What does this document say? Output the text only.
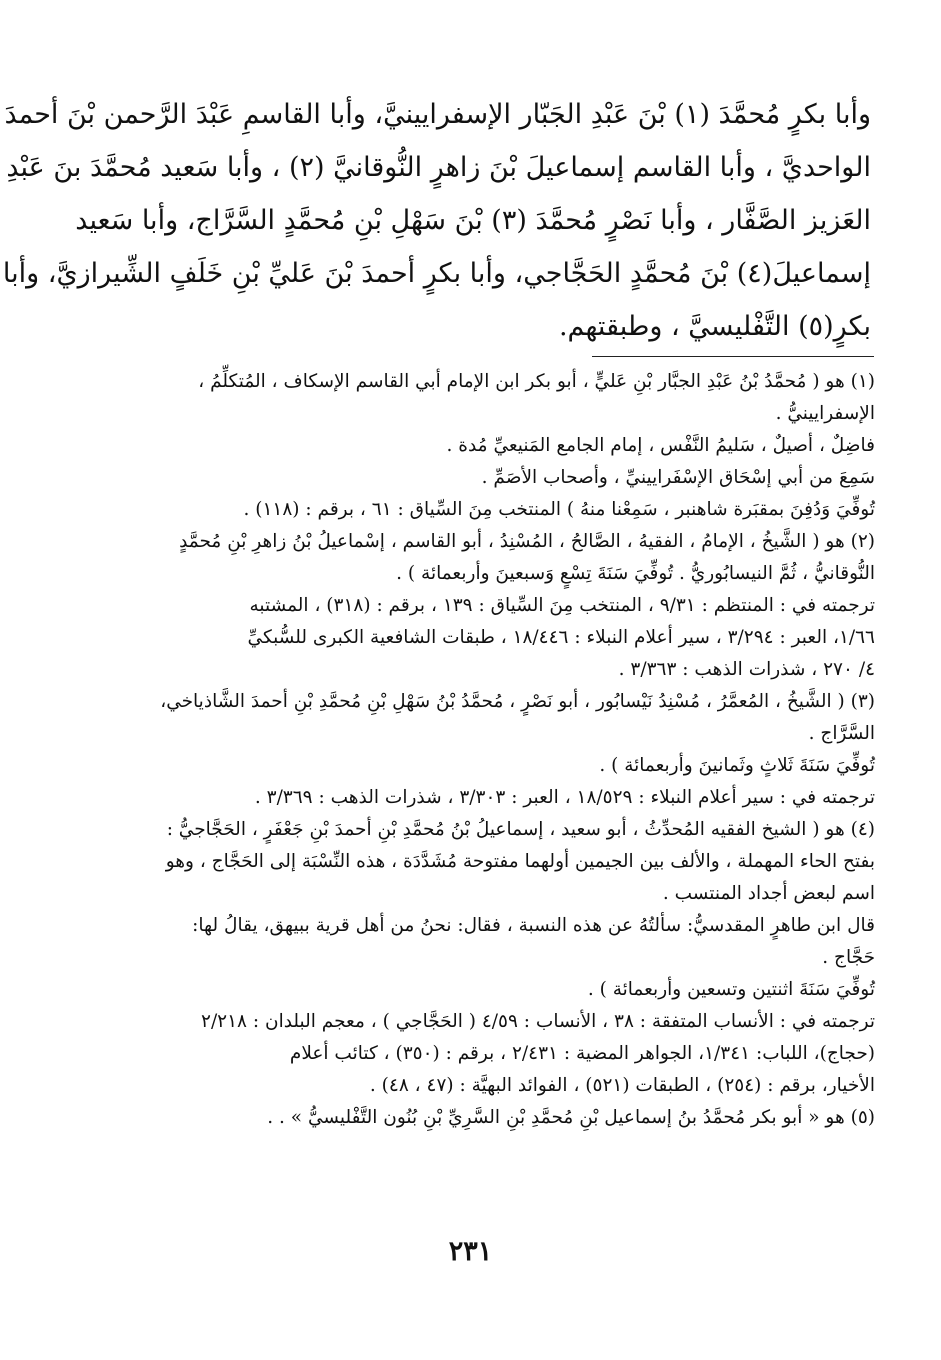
وأبا بكرٍ مُحمَّدَ (١) بْنَ عَبْدِ الجَبّار الإسفرايينيَّ، وأبا القاسمِ عَبْدَ الرَّحمن بْنَ أحمدَ
الواحديَّ ، وأبا القاسم إسماعيلَ بْنَ زاهرٍ النُّوقانيَّ (٢) ، وأبا سَعيد مُحمَّدَ بنَ عَبْدِ
العَزيز الصَّفَّار ، وأبا نَصْرٍ مُحمَّدَ (٣) بْنَ سَهْلِ بْنِ مُحمَّدٍ السَّرَّاج، وأبا سَعيد
إسماعيلَ(٤) بْنَ مُحمَّدٍ الحَجَّاجي، وأبا بكرٍ أحمدَ بْنَ عَليِّ بْنِ خَلَفٍ الشِّيرازيَّ، وأبا
بكرٍ(٥) التَّفْليسيَّ ، وطبقتهم.
(١) هو ( مُحمَّدُ بْنُ عَبْدِ الجبَّار بْنِ عَليٍّ ، أبو بكر ابن الإمام أبي القاسم الإسكاف ، المُتكلِّمُ ،
الإسفرايينيُّ .
فاضِلٌ ، أصيلٌ ، سَليمُ النَّفْس ، إمام الجامع المَنيعيِّ مُدة .
سَمِعَ من أبي إسْحَاق الإسْفَرايينيِّ ، وأصحاب الأصَمِّ .
تُوفِّيَ وَدُفِنَ بمقبَرة شاهنبر ، سَمِعْنا منهُ ) المنتخب مِنَ السِّياق : ٦١ ، برقم : (١١٨) .
(٢) هو ( الشَّيخُ ، الإمامُ ، الفقيهُ ، الصَّالحُ ، المُسْنِدُ ، أبو القاسم ، إسْماعيلُ بْنُ زاهرِ بْنِ مُحمَّدٍ
النُّوقانيُّ ، ثُمَّ النيسابُوريُّ . تُوفِّيَ سَنَةَ تِسْعٍ وَسبعينَ وأربعمائة ) .
ترجمته في : المنتظم : ٩/٣١ ، المنتخب مِنَ السِّياق : ١٣٩ ، برقم : (٣١٨) ، المشتبه
١/٦٦، العبر : ٣/٢٩٤ ، سير أعلام النبلاء : ١٨/٤٤٦ ، طبقات الشافعية الكبرى للسُّبكيِّ
٤/ ٢٧٠ ، شذرات الذهب : ٣/٣٦٣ .
(٣) ( الشَّيخُ ، المُعمَّرُ ، مُسْنِدُ نَيْسابُور ، أبو نَصْرٍ ، مُحمَّدُ بْنُ سَهْلِ بْنِ مُحمَّدِ بْنِ أحمدَ الشَّاذياخي،
السَّرَّاج .
تُوفِّيَ سَنَةَ ثَلاثٍ وثَمانينَ وأربعمائة ) .
ترجمته في : سير أعلام النبلاء : ١٨/٥٢٩ ، العبر : ٣/٣٠٣ ، شذرات الذهب : ٣/٣٦٩ .
(٤) هو ( الشيخ الفقيه المُحدِّثُ ، أبو سعيد ، إسماعيلُ بْنُ مُحمَّدِ بْنِ أحمدَ بْنِ جَعْفَرٍ ، الحَجَّاجيُّ :
بفتح الحاء المهملة ، والألف بين الجيمين أولهما مفتوحة مُشَدَّدَة ، هذه النِّسْبَة إلى الحَجَّاج ، وهو
اسم لبعض أجداد المنتسب .
قال ابن طاهرٍ المقدسيُّ: سألتُهُ عن هذه النسبة ، فقال: نحنُ من أهل قرية ببيهق، يقالُ لها:
حَجَّاج .
تُوفِّيَ سَنَةَ اثنتين وتسعين وأربعمائة ) .
ترجمته في : الأنساب المتفقة : ٣٨ ، الأنساب : ٤/٥٩ ( الحَجَّاجي ) ، معجم البلدان : ٢/٢١٨
(حجاج)، اللباب: ١/٣٤١، الجواهر المضية : ٢/٤٣١ ، برقم : (٣٥٠) ، كتائب أعلام
الأخيار، برقم : (٢٥٤) ، الطبقات (٥٢١) ، الفوائد البهيَّة : (٤٧ ، ٤٨) .
(٥) هو « أبو بكر مُحمَّدُ بنُ إسماعيل بْنِ مُحمَّدِ بْنِ السَّرِيِّ بْنِ بُنُون التَّفْليسيُّ » . .
٢٣١
